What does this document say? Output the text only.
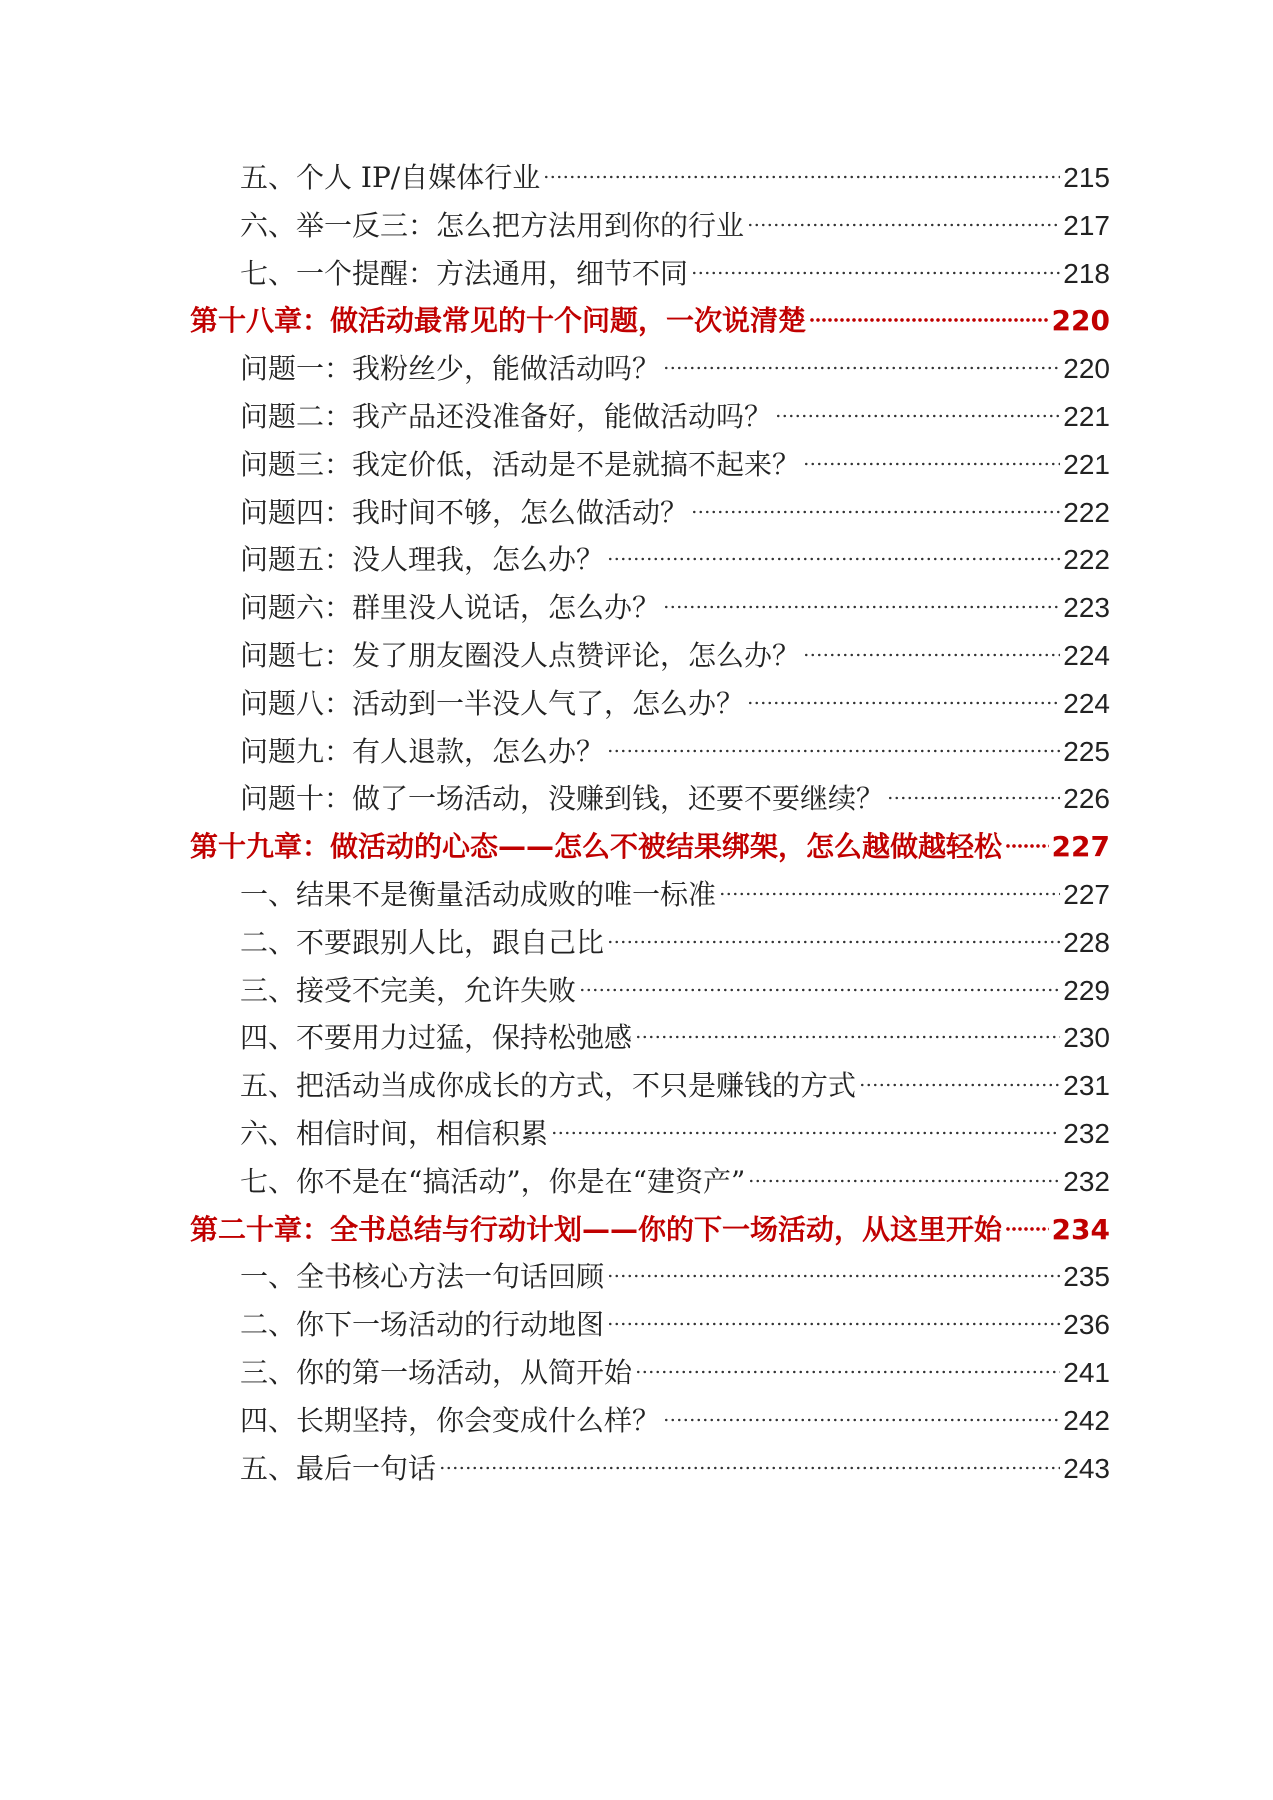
五、个人 IP/自媒体行业	215
六、举一反三：怎么把方法用到你的行业	217
七、一个提醒：方法通用，细节不同	218
第十八章：做活动最常见的十个问题，一次说清楚	220
问题一：我粉丝少，能做活动吗？	220
问题二：我产品还没准备好，能做活动吗？	221
问题三：我定价低，活动是不是就搞不起来？	221
问题四：我时间不够，怎么做活动？	222
问题五：没人理我，怎么办？	222
问题六：群里没人说话，怎么办？	223
问题七：发了朋友圈没人点赞评论，怎么办？	224
问题八：活动到一半没人气了，怎么办？	224
问题九：有人退款，怎么办？	225
问题十：做了一场活动，没赚到钱，还要不要继续？	226
第十九章：做活动的心态——怎么不被结果绑架，怎么越做越轻松 227
一、结果不是衡量活动成败的唯一标准	227
二、不要跟别人比，跟自己比	228
三、接受不完美，允许失败	229
四、不要用力过猛，保持松弛感	230
五、把活动当成你成长的方式，不只是赚钱的方式	231
六、相信时间，相信积累	232
七、你不是在“搞活动”，你是在“建资产”	232
第二十章：全书总结与行动计划——你的下一场活动，从这里开始 234
一、全书核心方法一句话回顾	235
二、你下一场活动的行动地图	236
三、你的第一场活动，从简开始	241
四、长期坚持，你会变成什么样？	242
五、最后一句话	243
